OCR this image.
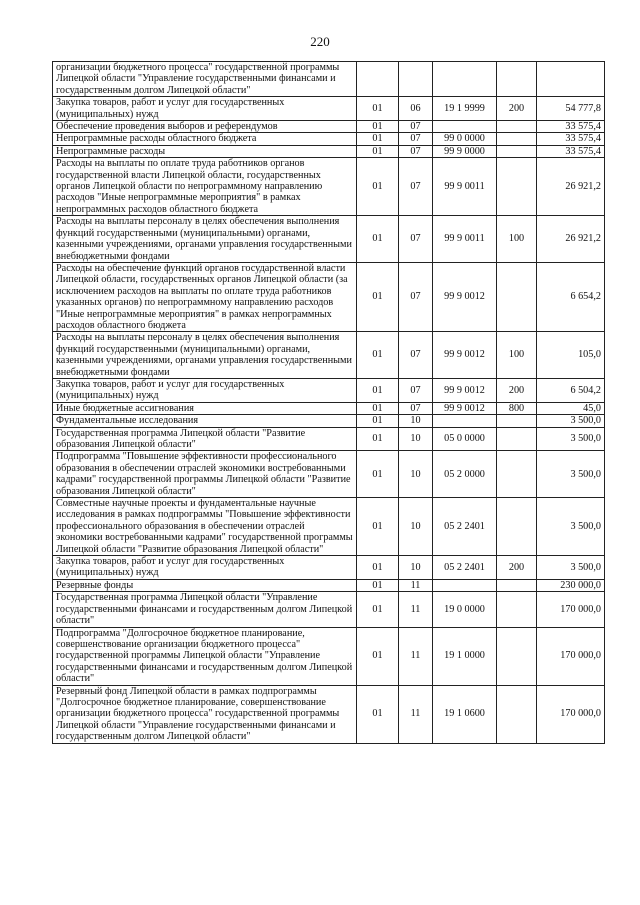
220
организации бюджетного процесса" государственной программы Липецкой области "Управление государственными финансами и государственным долгом Липецкой области"					
Закупка товаров, работ и услуг для государственных (муниципальных) нужд	01	06	19 1 9999	200	54 777,8
Обеспечение проведения выборов и референдумов	01	07			33 575,4
Непрограммные расходы областного бюджета	01	07	99 0 0000		33 575,4
Непрограммные расходы	01	07	99 9 0000		33 575,4
Расходы на выплаты по оплате труда работников органов государственной власти Липецкой области, государственных органов Липецкой области по непрограммному направлению расходов "Иные непрограммные мероприятия" в рамках непрограммных расходов областного бюджета	01	07	99 9 0011		26 921,2
Расходы на выплаты персоналу в целях обеспечения выполнения функций государственными (муниципальными) органами, казенными учреждениями, органами управления государственными внебюджетными фондами	01	07	99 9 0011	100	26 921,2
Расходы на обеспечение функций органов государственной власти Липецкой области, государственных органов Липецкой области (за исключением расходов на выплаты по оплате труда работников указанных органов) по непрограммному направлению расходов "Иные непрограммные мероприятия" в рамках непрограммных расходов областного бюджета	01	07	99 9 0012		6 654,2
Расходы на выплаты персоналу в целях обеспечения выполнения функций государственными (муниципальными) органами, казенными учреждениями, органами управления государственными внебюджетными фондами	01	07	99 9 0012	100	105,0
Закупка товаров, работ и услуг для государственных (муниципальных) нужд	01	07	99 9 0012	200	6 504,2
Иные бюджетные ассигнования	01	07	99 9 0012	800	45,0
Фундаментальные исследования	01	10			3 500,0
Государственная программа Липецкой области "Развитие образования Липецкой области"	01	10	05 0 0000		3 500,0
Подпрограмма "Повышение эффективности профессионального образования в обеспечении отраслей экономики востребованными кадрами" государственной программы Липецкой области "Развитие образования Липецкой области"	01	10	05 2 0000		3 500,0
Совместные научные проекты и фундаментальные научные исследования в рамках подпрограммы "Повышение эффективности профессионального образования в обеспечении отраслей экономики востребованными кадрами" государственной программы Липецкой области "Развитие образования Липецкой области"	01	10	05 2 2401		3 500,0
Закупка товаров, работ и услуг для государственных (муниципальных) нужд	01	10	05 2 2401	200	3 500,0
Резервные фонды	01	11			230 000,0
Государственная программа Липецкой области "Управление государственными финансами и государственным долгом Липецкой области"	01	11	19 0 0000		170 000,0
Подпрограмма "Долгосрочное бюджетное планирование, совершенствование организации бюджетного процесса" государственной программы Липецкой области "Управление государственными финансами и государственным долгом Липецкой области"	01	11	19 1 0000		170 000,0
Резервный фонд Липецкой области в рамках подпрограммы "Долгосрочное бюджетное планирование, совершенствование организации бюджетного процесса" государственной программы Липецкой области "Управление государственными финансами и государственным долгом Липецкой области"	01	11	19 1 0600		170 000,0
